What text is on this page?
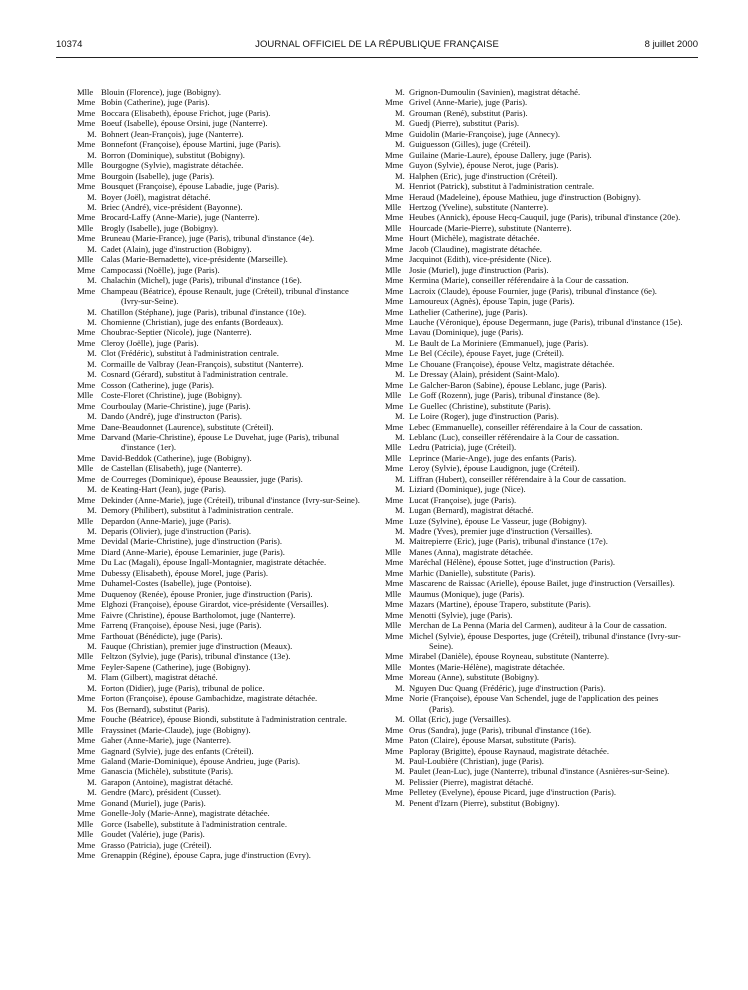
10374	JOURNAL OFFICIEL DE LA RÉPUBLIQUE FRANÇAISE	8 juillet 2000
Mlle Blouin (Florence), juge (Bobigny).
Mme Bobin (Catherine), juge (Paris).
Mme Boccara (Elisabeth), épouse Frichot, juge (Paris).
Mme Boeuf (Isabelle), épouse Orsini, juge (Nanterre).
M. Bohnert (Jean-François), juge (Nanterre).
Mme Bonnefont (Françoise), épouse Martini, juge (Paris).
M. Borron (Dominique), substitut (Bobigny).
Mlle Bourgogne (Sylvie), magistrate détachée.
Mme Bourgoin (Isabelle), juge (Paris).
Mme Bousquet (Françoise), épouse Labadie, juge (Paris).
M. Boyer (Joël), magistrat détaché.
M. Briec (André), vice-président (Bayonne).
Mme Brocard-Laffy (Anne-Marie), juge (Nanterre).
Mlle Brogly (Isabelle), juge (Bobigny).
Mme Bruneau (Marie-France), juge (Paris), tribunal d'instance (4e).
M. Cadet (Alain), juge d'instruction (Bobigny).
Mlle Calas (Marie-Bernadette), vice-présidente (Marseille).
Mme Campocassi (Noëlle), juge (Paris).
M. Chalachin (Michel), juge (Paris), tribunal d'instance (16e).
Mme Champeau (Béatrice), épouse Renault, juge (Créteil), tribunal d'instance (Ivry-sur-Seine).
M. Chatillon (Stéphane), juge (Paris), tribunal d'instance (10e).
M. Chomienne (Christian), juge des enfants (Bordeaux).
Mme Choubrac-Septier (Nicole), juge (Nanterre).
Mme Cleroy (Joëlle), juge (Paris).
M. Clot (Frédéric), substitut à l'administration centrale.
M. Cormaille de Valbray (Jean-François), substitut (Nanterre).
M. Cosnard (Gérard), substitut à l'administration centrale.
Mme Cosson (Catherine), juge (Paris).
Mlle Coste-Floret (Christine), juge (Bobigny).
Mme Courboulay (Marie-Christine), juge (Paris).
M. Dando (André), juge d'instructon (Paris).
Mme Dane-Beaudonnet (Laurence), substitute (Créteil).
Mme Darvand (Marie-Christine), épouse Le Duvehat, juge (Paris), tribunal d'instance (1er).
Mme David-Beddok (Catherine), juge (Bobigny).
Mlle de Castellan (Elisabeth), juge (Nanterre).
Mme de Courreges (Dominique), épouse Beaussier, juge (Paris).
M. de Keating-Hart (Jean), juge (Paris).
Mme Dekinder (Anne-Marie), juge (Créteil), tribunal d'instance (Ivry-sur-Seine).
M. Demory (Philibert), substitut à l'administration centrale.
Mlle Depardon (Anne-Marie), juge (Paris).
M. Deparis (Olivier), juge d'instruction (Paris).
Mme Devidal (Marie-Christine), juge d'instruction (Paris).
Mme Diard (Anne-Marie), épouse Lemarinier, juge (Paris).
Mme Du Lac (Magali), épouse Ingall-Montagnier, magistrate détachée.
Mme Dubessy (Elisabeth), épouse Morel, juge (Paris).
Mme Duhamel-Costes (Isabelle), juge (Pontoise).
Mme Duquenoy (Renée), épouse Pronier, juge d'instruction (Paris).
Mme Elghozi (Françoise), épouse Girardot, vice-présidente (Versailles).
Mme Faivre (Christine), épouse Bartholomot, juge (Nanterre).
Mme Farrenq (Françoise), épouse Nesi, juge (Paris).
Mme Farthouat (Bénédicte), juge (Paris).
M. Fauque (Christian), premier juge d'instruction (Meaux).
Mlle Feltzon (Sylvie), juge (Paris), tribunal d'instance (13e).
Mme Feyler-Sapene (Catherine), juge (Bobigny).
M. Flam (Gilbert), magistrat détaché.
M. Forton (Didier), juge (Paris), tribunal de police.
Mme Forton (Françoise), épouse Gambachidze, magistrate détachée.
M. Fos (Bernard), substitut (Paris).
Mme Fouche (Béatrice), épouse Biondi, substitute à l'administration centrale.
Mlle Frayssinet (Marie-Claude), juge (Bobigny).
Mme Gaher (Anne-Marie), juge (Nanterre).
Mme Gagnard (Sylvie), juge des enfants (Créteil).
Mme Galand (Marie-Dominique), épouse Andrieu, juge (Paris).
Mme Ganascia (Michèle), substitute (Paris).
M. Garapon (Antoine), magistrat détaché.
M. Gendre (Marc), président (Cusset).
Mme Gonand (Muriel), juge (Paris).
Mme Gonelle-Joly (Marie-Anne), magistrate détachée.
Mlle Gorce (Isabelle), substitute à l'administration centrale.
Mlle Goudet (Valérie), juge (Paris).
Mme Grasso (Patricia), juge (Créteil).
Mme Grenappin (Régine), épouse Capra, juge d'instruction (Evry).
M. Grignon-Dumoulin (Savinien), magistrat détaché.
Mme Grivel (Anne-Marie), juge (Paris).
M. Grouman (René), substitut (Paris).
M. Guedj (Pierre), substitut (Paris).
Mme Guidolin (Marie-Françoise), juge (Annecy).
M. Guiguesson (Gilles), juge (Créteil).
Mme Guilaine (Marie-Laure), épouse Dallery, juge (Paris).
Mme Guyon (Sylvie), épouse Nerot, juge (Paris).
M. Halphen (Eric), juge d'instruction (Créteil).
M. Henriot (Patrick), substitut à l'administration centrale.
Mme Heraud (Madeleine), épouse Mathieu, juge d'instruction (Bobigny).
Mlle Hertzog (Yveline), substitute (Nanterre).
Mme Heubes (Annick), épouse Hecq-Cauquil, juge (Paris), tribunal d'instance (20e).
Mlle Hourcade (Marie-Pierre), substitute (Nanterre).
Mme Hourt (Michèle), magistrate détachée.
Mme Jacob (Claudine), magistrate détachée.
Mme Jacquinot (Edith), vice-présidente (Nice).
Mlle Josie (Muriel), juge d'instruction (Paris).
Mme Kermina (Marie), conseiller référendaire à la Cour de cassation.
Mme Lacroix (Claude), épouse Fournier, juge (Paris), tribunal d'instance (6e).
Mme Lamoureux (Agnès), épouse Tapin, juge (Paris).
Mme Lathelier (Catherine), juge (Paris).
Mme Lauche (Véronique), épouse Degermann, juge (Paris), tribunal d'instance (15e).
Mme Lavau (Dominique), juge (Paris).
M. Le Bault de La Moriniere (Emmanuel), juge (Paris).
Mme Le Bel (Cécile), épouse Fayet, juge (Créteil).
Mme Le Chouane (Françoise), épouse Veltz, magistrate détachée.
M. Le Dressay (Alain), président (Saint-Malo).
Mme Le Galcher-Baron (Sabine), épouse Leblanc, juge (Paris).
Mlle Le Goff (Rozenn), juge (Paris), tribunal d'instance (8e).
Mme Le Guellec (Christine), substitute (Paris).
M. Le Loire (Roger), juge d'instruction (Paris).
Mme Lebec (Emmanuelle), conseiller référendaire à la Cour de cassation.
M. Leblanc (Luc), conseiller référendaire à la Cour de cassation.
Mlle Ledru (Patricia), juge (Créteil).
Mlle Leprince (Marie-Ange), juge des enfants (Paris).
Mme Leroy (Sylvie), épouse Laudignon, juge (Créteil).
M. Liffran (Hubert), conseiller référendaire à la Cour de cassation.
M. Liziard (Dominique), juge (Nice).
Mme Lucat (Françoise), juge (Paris).
M. Lugan (Bernard), magistrat détaché.
Mme Luze (Sylvine), épouse Le Vasseur, juge (Bobigny).
M. Madre (Yves), premier juge d'instruction (Versailles).
M. Maitrepierre (Eric), juge (Paris), tribunal d'instance (17e).
Mlle Manes (Anna), magistrate détachée.
Mme Maréchal (Hélène), épouse Sottet, juge d'instruction (Paris).
Mme Marhic (Danielle), substitute (Paris).
Mme Mascarenc de Raissac (Arielle), épouse Bailet, juge d'instruction (Versailles).
Mlle Maumus (Monique), juge (Paris).
Mme Mazars (Martine), épouse Trapero, substitute (Paris).
Mme Menotti (Sylvie), juge (Paris).
Mlle Merchan de La Penna (Maria del Carmen), auditeur à la Cour de cassation.
Mme Michel (Sylvie), épouse Desportes, juge (Créteil), tribunal d'instance (Ivry-sur-Seine).
Mme Mirabel (Danièle), épouse Royneau, substitute (Nanterre).
Mlle Montes (Marie-Hélène), magistrate détachée.
Mme Moreau (Anne), substitute (Bobigny).
M. Nguyen Duc Quang (Frédéric), juge d'instruction (Paris).
Mme Norie (Françoise), épouse Van Schendel, juge de l'application des peines (Paris).
M. Ollat (Eric), juge (Versailles).
Mme Orus (Sandra), juge (Paris), tribunal d'instance (16e).
Mme Paton (Claire), épouse Marsat, substitute (Paris).
Mme Paploray (Brigitte), épouse Raynaud, magistrate détachée.
M. Paul-Loubière (Christian), juge (Paris).
M. Paulet (Jean-Luc), juge (Nanterre), tribunal d'instance (Asnières-sur-Seine).
M. Pelissier (Pierre), magistrat détaché.
Mme Pelletey (Evelyne), épouse Picard, juge d'instruction (Paris).
M. Penent d'Izarn (Pierre), substitut (Bobigny).
